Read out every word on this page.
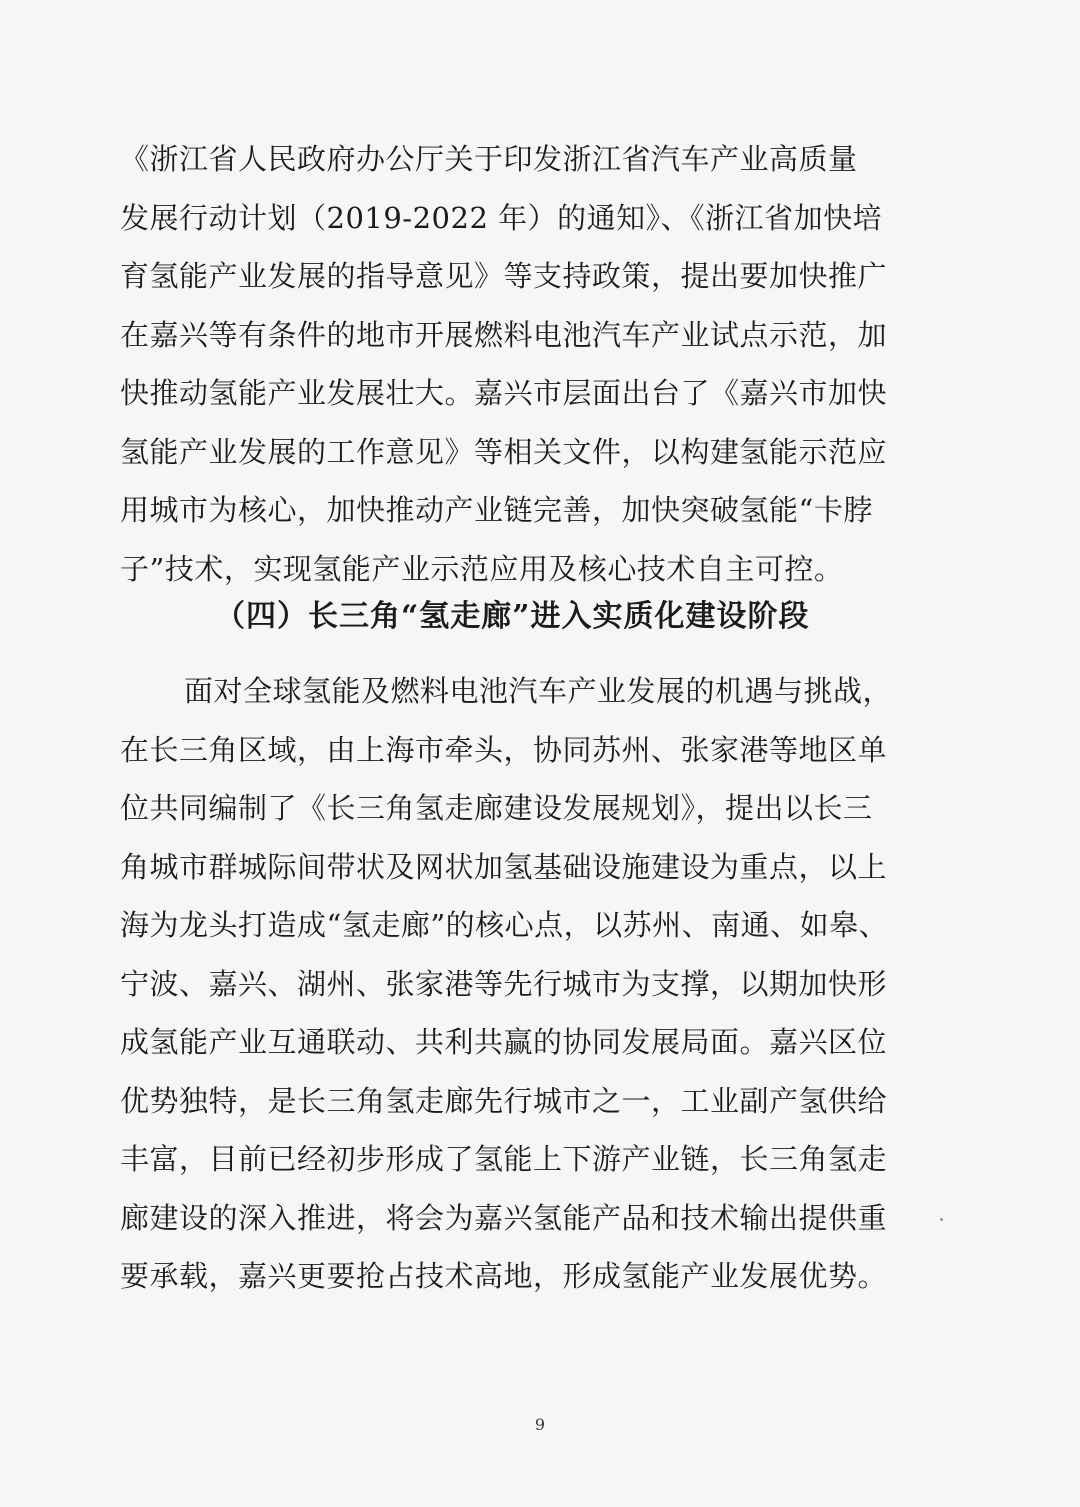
《浙江省人民政府办公厅关于印发浙江省汽车产业高质量
发展行动计划（2019-2022 年）的通知》、《浙江省加快培
育氢能产业发展的指导意见》等支持政策，提出要加快推广
在嘉兴等有条件的地市开展燃料电池汽车产业试点示范，加
快推动氢能产业发展壮大。嘉兴市层面出台了《嘉兴市加快
氢能产业发展的工作意见》等相关文件，以构建氢能示范应
用城市为核心，加快推动产业链完善，加快突破氢能“卡脖
子”技术，实现氢能产业示范应用及核心技术自主可控。
（四）长三角“氢走廊”进入实质化建设阶段
面对全球氢能及燃料电池汽车产业发展的机遇与挑战，
在长三角区域，由上海市牵头，协同苏州、张家港等地区单
位共同编制了《长三角氢走廊建设发展规划》，提出以长三
角城市群城际间带状及网状加氢基础设施建设为重点，以上
海为龙头打造成“氢走廊”的核心点，以苏州、南通、如皋、
宁波、嘉兴、湖州、张家港等先行城市为支撑，以期加快形
成氢能产业互通联动、共利共赢的协同发展局面。嘉兴区位
优势独特，是长三角氢走廊先行城市之一，工业副产氢供给
丰富，目前已经初步形成了氢能上下游产业链，长三角氢走
廊建设的深入推进，将会为嘉兴氢能产品和技术输出提供重
要承载，嘉兴更要抢占技术高地，形成氢能产业发展优势。
9
